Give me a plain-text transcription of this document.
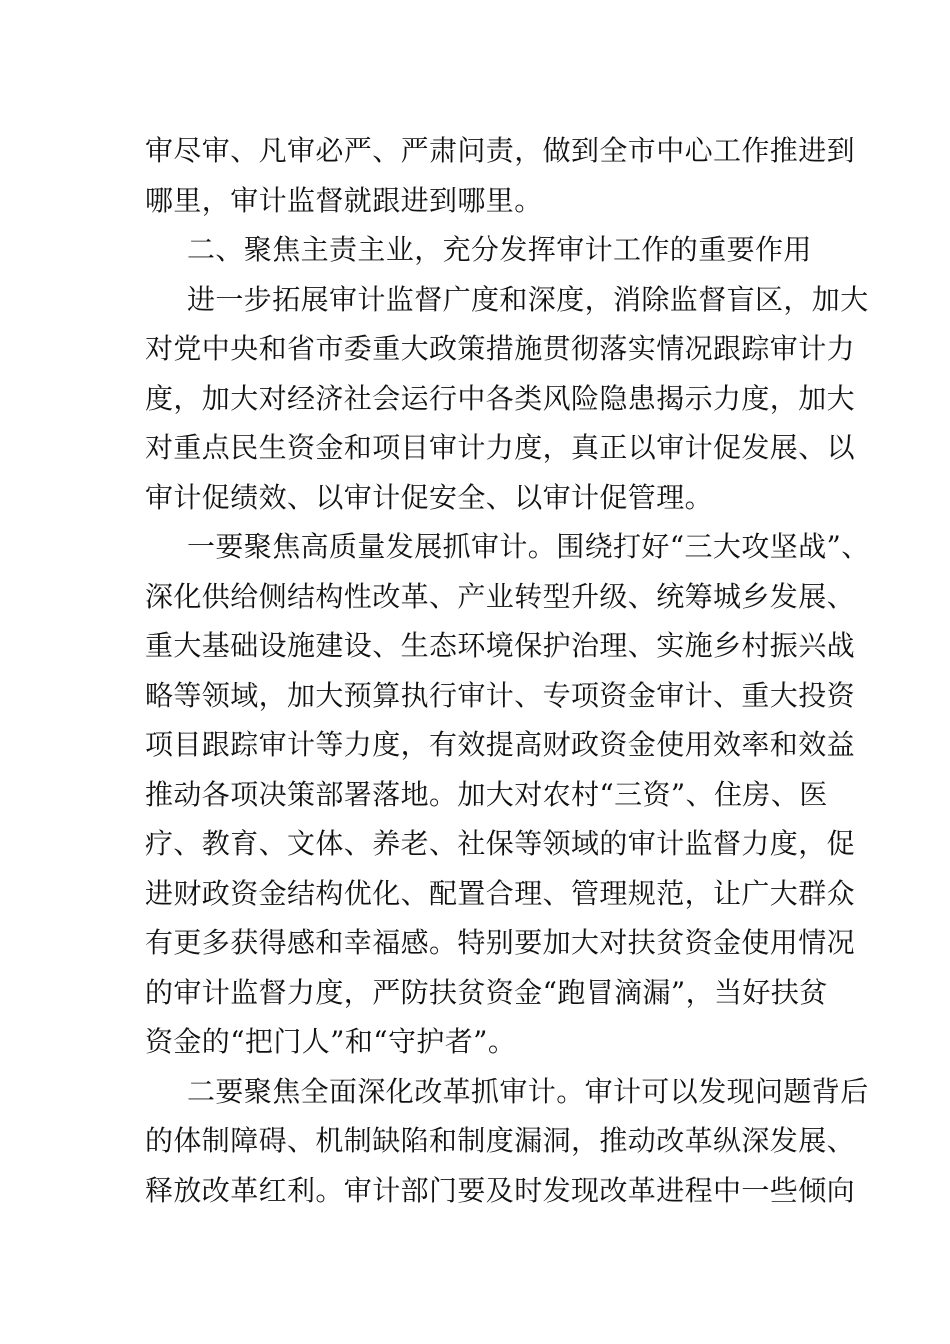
审尽审、凡审必严、严肃问责，做到全市中心工作推进到
哪里，审计监督就跟进到哪里。
二、聚焦主责主业，充分发挥审计工作的重要作用
进一步拓展审计监督广度和深度，消除监督盲区，加大
对党中央和省市委重大政策措施贯彻落实情况跟踪审计力
度，加大对经济社会运行中各类风险隐患揭示力度，加大
对重点民生资金和项目审计力度，真正以审计促发展、以
审计促绩效、以审计促安全、以审计促管理。
一要聚焦高质量发展抓审计。围绕打好“三大攻坚战”、
深化供给侧结构性改革、产业转型升级、统筹城乡发展、
重大基础设施建设、生态环境保护治理、实施乡村振兴战
略等领域，加大预算执行审计、专项资金审计、重大投资
项目跟踪审计等力度，有效提高财政资金使用效率和效益
推动各项决策部署落地。加大对农村“三资”、住房、医
疗、教育、文体、养老、社保等领域的审计监督力度，促
进财政资金结构优化、配置合理、管理规范，让广大群众
有更多获得感和幸福感。特别要加大对扶贫资金使用情况
的审计监督力度，严防扶贫资金“跑冒滴漏”，当好扶贫
资金的“把门人”和“守护者”。
二要聚焦全面深化改革抓审计。审计可以发现问题背后
的体制障碍、机制缺陷和制度漏洞，推动改革纵深发展、
释放改革红利。审计部门要及时发现改革进程中一些倾向
